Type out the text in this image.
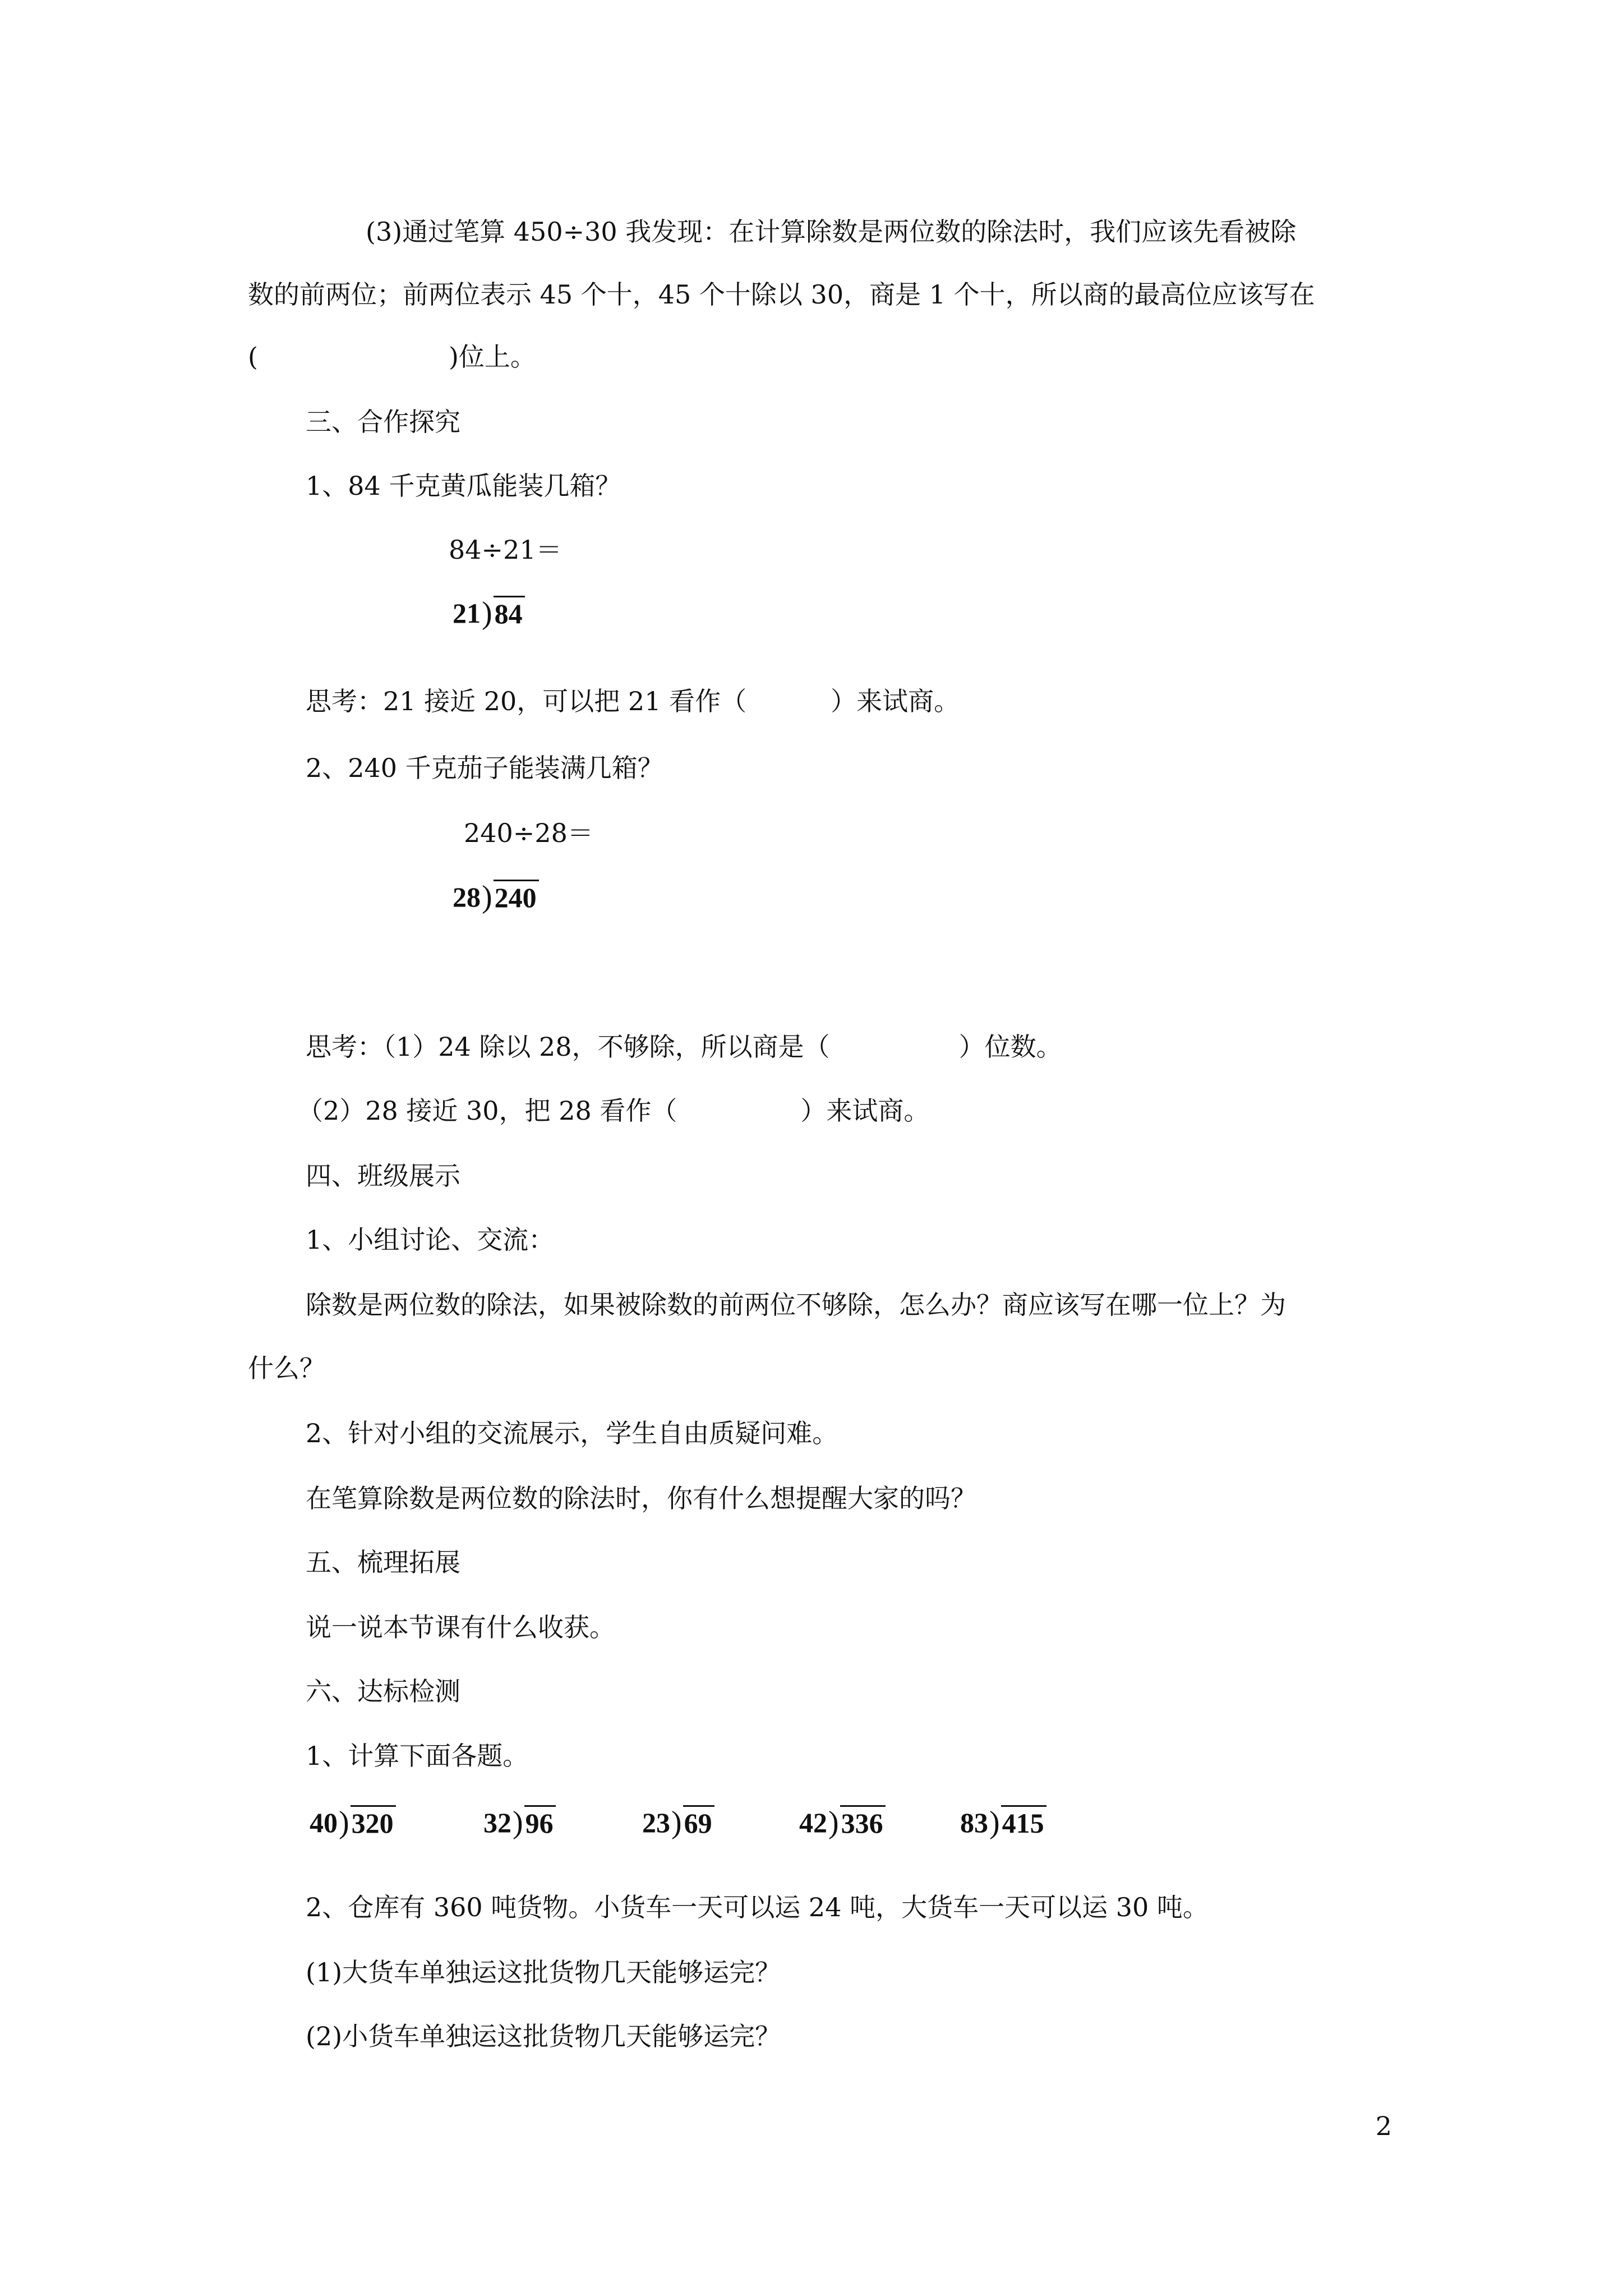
(3)通过笔算 450÷30 我发现：在计算除数是两位数的除法时，我们应该先看被除
数的前两位；前两位表示 45 个十，45 个十除以 30，商是 1 个十，所以商的最高位应该写在
(	)位上。
三、合作探究
1、84 千克黄瓜能装几箱？
84÷21＝
21 ) 84
思考：21 接近 20，可以把 21 看作（	）来试商。
2、240 千克茄子能装满几箱？
240÷28＝
28 ) 240
思考：（1）24 除以 28，不够除，所以商是（	）位数。
（2）28 接近 30，把 28 看作（	）来试商。
四、班级展示
1、小组讨论、交流：
除数是两位数的除法，如果被除数的前两位不够除，怎么办？商应该写在哪一位上？为
什么？
2、针对小组的交流展示，学生自由质疑问难。
在笔算除数是两位数的除法时，你有什么想提醒大家的吗？
五、梳理拓展
说一说本节课有什么收获。
六、达标检测
1、计算下面各题。
40 ) 320	32 ) 96	23 ) 69	42 ) 336	83 ) 415
2、仓库有 360 吨货物。小货车一天可以运 24 吨，大货车一天可以运 30 吨。
(1)大货车单独运这批货物几天能够运完？
(2)小货车单独运这批货物几天能够运完？
2
